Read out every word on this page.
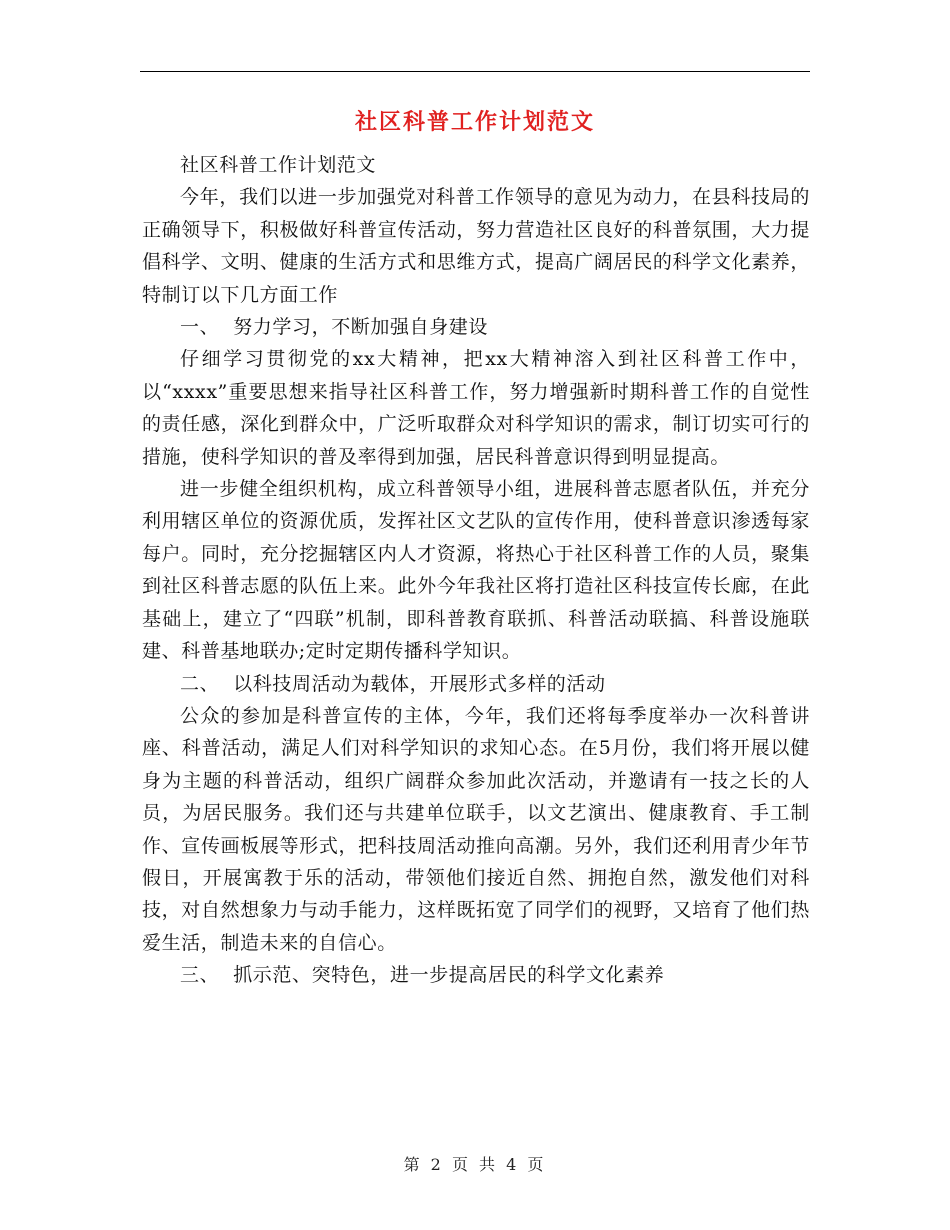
社区科普工作计划范文

社区科普工作计划范文

今年，我们以进一步加强党对科普工作领导的意见为动力，在县科技局的正确领导下，积极做好科普宣传活动，努力营造社区良好的科普氛围，大力提倡科学、文明、健康的生活方式和思维方式，提高广阔居民的科学文化素养，特制订以下几方面工作

一、 努力学习，不断加强自身建设

仔细学习贯彻党的xx大精神，把xx大精神溶入到社区科普工作中，以“xxxx”重要思想来指导社区科普工作，努力增强新时期科普工作的自觉性的责任感，深化到群众中，广泛听取群众对科学知识的需求，制订切实可行的措施，使科学知识的普及率得到加强，居民科普意识得到明显提高。

进一步健全组织机构，成立科普领导小组，进展科普志愿者队伍，并充分利用辖区单位的资源优质，发挥社区文艺队的宣传作用，使科普意识渗透每家每户。同时，充分挖掘辖区内人才资源，将热心于社区科普工作的人员，聚集到社区科普志愿的队伍上来。此外今年我社区将打造社区科技宣传长廊，在此基础上，建立了“四联”机制，即科普教育联抓、科普活动联搞、科普设施联建、科普基地联办;定时定期传播科学知识。

二、 以科技周活动为载体，开展形式多样的活动

公众的参加是科普宣传的主体，今年，我们还将每季度举办一次科普讲座、科普活动，满足人们对科学知识的求知心态。在5月份，我们将开展以健身为主题的科普活动，组织广阔群众参加此次活动，并邀请有一技之长的人员，为居民服务。我们还与共建单位联手，以文艺演出、健康教育、手工制作、宣传画板展等形式，把科技周活动推向高潮。另外，我们还利用青少年节假日，开展寓教于乐的活动，带领他们接近自然、拥抱自然，激发他们对科技，对自然想象力与动手能力，这样既拓宽了同学们的视野，又培育了他们热爱生活，制造未来的自信心。

三、 抓示范、突特色，进一步提高居民的科学文化素养

第 2 页 共 4 页
